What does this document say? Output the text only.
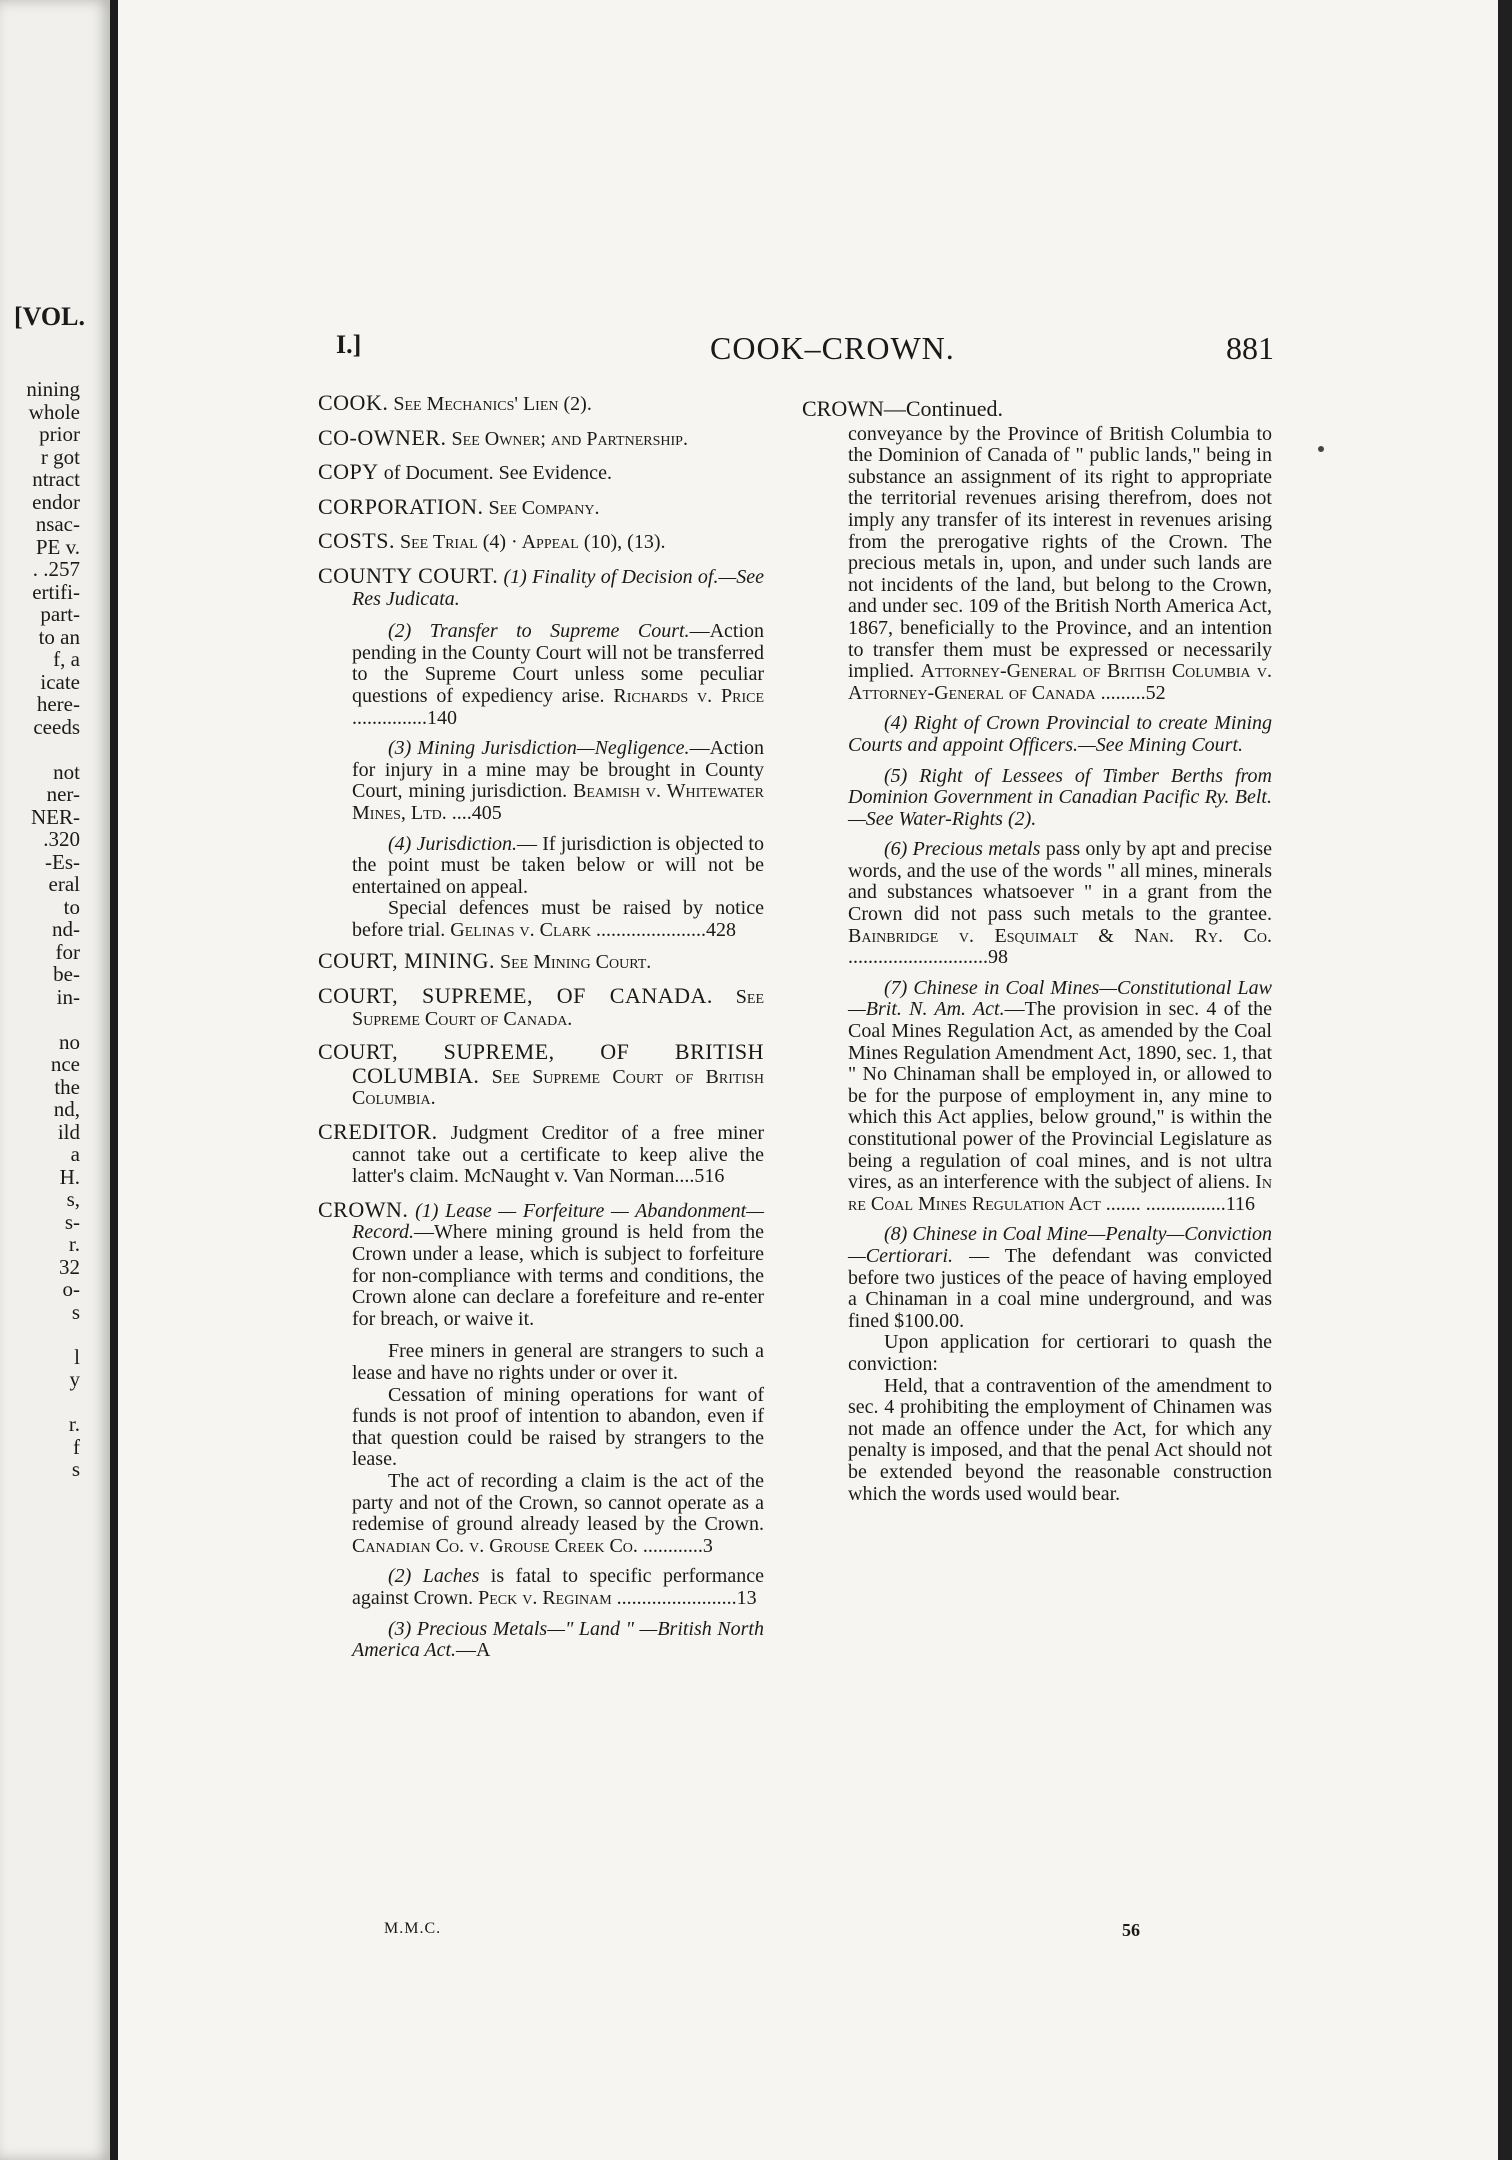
[VOL.
nining
whole
prior
r got
ntract
endor
nsac-
PE v.
. .257
ertifi-
part-
to an
f, a
icate
here-
ceeds

not
ner-
NER-
.320
-Es-
eral
to
nd-
for
be-
in-

no
nce
the
nd,
ild
a
H.
s,
s-
r.
32
o-
s

l
y

r.
f
s
I.]	COOK–CROWN.	881
COOK. See Mechanics' Lien (2).
CO-OWNER. See Owner; and Partnership.
COPY of Document. See Evidence.
CORPORATION. See Company.
COSTS. See Trial (4) · Appeal (10), (13).
COUNTY COURT. (1) Finality of Decision of.—See Res Judicata.

(2) Transfer to Supreme Court.—Action pending in the County Court will not be transferred to the Supreme Court unless some peculiar questions of expediency arise. Richards v. Price ...............140

(3) Mining Jurisdiction—Negligence.—Action for injury in a mine may be brought in County Court, mining jurisdiction. Beamish v. Whitewater Mines, Ltd. ....405

(4) Jurisdiction.— If jurisdiction is objected to the point must be taken below or will not be entertained on appeal.

Special defences must be raised by notice before trial. Gelinas v. Clark ......................428

COURT, MINING. See Mining Court.
COURT, SUPREME, OF CANADA. See Supreme Court of Canada.
COURT, SUPREME, OF BRITISH COLUMBIA. See Supreme Court of British Columbia.
CREDITOR. Judgment Creditor of a free miner cannot take out a certificate to keep alive the latter's claim. McNaught v. Van Norman....516
CROWN. (1) Lease — Forfeiture — Abandonment—Record.—Where mining ground is held from the Crown under a lease, which is subject to forfeiture for non-compliance with terms and conditions, the Crown alone can declare a forefeiture and re-enter for breach, or waive it.

Free miners in general are strangers to such a lease and have no rights under or over it.

Cessation of mining operations for want of funds is not proof of intention to abandon, even if that question could be raised by strangers to the lease.

The act of recording a claim is the act of the party and not of the Crown, so cannot operate as a redemise of ground already leased by the Crown. Canadian Co. v. Grouse Creek Co. ............3

(2) Laches is fatal to specific performance against Crown. Peck v. Reginam ........................13

(3) Precious Metals—" Land " —British North America Act.—A

CROWN—Continued.

conveyance by the Province of British Columbia to the Dominion of Canada of " public lands," being in substance an assignment of its right to appropriate the territorial revenues arising therefrom, does not imply any transfer of its interest in revenues arising from the prerogative rights of the Crown. The precious metals in, upon, and under such lands are not incidents of the land, but belong to the Crown, and under sec. 109 of the British North America Act, 1867, beneficially to the Province, and an intention to transfer them must be expressed or necessarily implied. Attorney-General of British Columbia v. Attorney-General of Canada .........52

(4) Right of Crown Provincial to create Mining Courts and appoint Officers.—See Mining Court.

(5) Right of Lessees of Timber Berths from Dominion Government in Canadian Pacific Ry. Belt.—See Water-Rights (2).

(6) Precious metals pass only by apt and precise words, and the use of the words " all mines, minerals and substances whatsoever " in a grant from the Crown did not pass such metals to the grantee. Bainbridge v. Esquimalt & Nan. Ry. Co. ............................98

(7) Chinese in Coal Mines—Constitutional Law—Brit. N. Am. Act.—The provision in sec. 4 of the Coal Mines Regulation Act, as amended by the Coal Mines Regulation Amendment Act, 1890, sec. 1, that " No Chinaman shall be employed in, or allowed to be for the purpose of employment in, any mine to which this Act applies, below ground," is within the constitutional power of the Provincial Legislature as being a regulation of coal mines, and is not ultra vires, as an interference with the subject of aliens. In re Coal Mines Regulation Act ....... ................116

(8) Chinese in Coal Mine—Penalty—Conviction—Certiorari. — The defendant was convicted before two justices of the peace of having employed a Chinaman in a coal mine underground, and was fined $100.00.

Upon application for certiorari to quash the conviction:

Held, that a contravention of the amendment to sec. 4 prohibiting the employment of Chinamen was not made an offence under the Act, for which any penalty is imposed, and that the penal Act should not be extended beyond the reasonable construction which the words used would bear.

M.M.C.	56
